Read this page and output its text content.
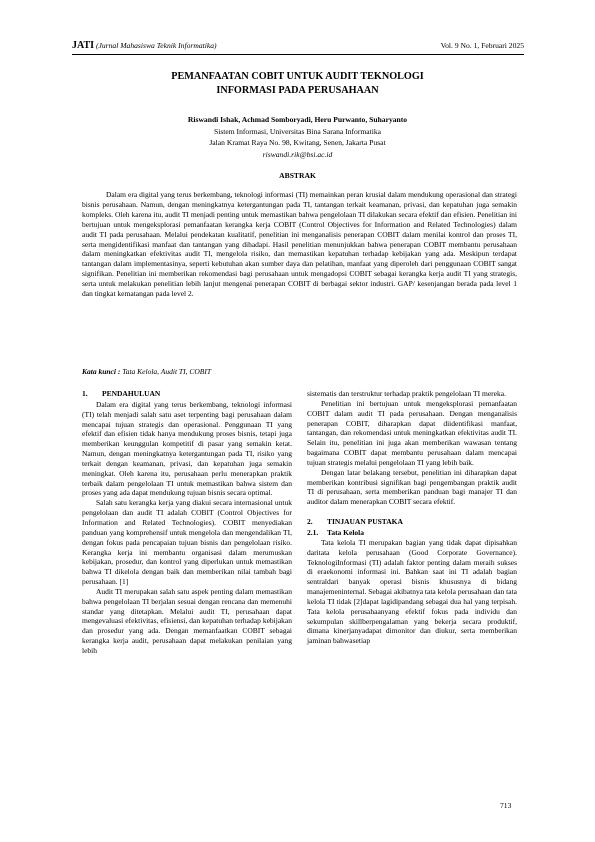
JATI (Jurnal Mahasiswa Teknik Informatika)	Vol. 9 No. 1, Februari 2025
PEMANFAATAN COBIT UNTUK AUDIT TEKNOLOGI
INFORMASI PADA PERUSAHAAN
Riswandi Ishak, Achmad Somboryadi, Heru Purwanto, Suharyanto
Sistem Informasi, Universitas Bina Sarana Informatika
Jalan Kramat Raya No. 98, Kwitang, Senen, Jakarta Pusat
riswandi.rik@bsi.ac.id
ABSTRAK

Dalam era digital yang terus berkembang, teknologi informasi (TI) memainkan peran krusial dalam mendukung operasional dan strategi bisnis perusahaan. Namun, dengan meningkatnya ketergantungan pada TI, tantangan terkait keamanan, privasi, dan kepatuhan juga semakin kompleks. Oleh karena itu, audit TI menjadi penting untuk memastikan bahwa pengelolaan TI dilakukan secara efektif dan efisien. Penelitian ini bertujuan untuk mengeksplorasi pemanfaatan kerangka kerja COBIT (Control Objectives for Information and Related Technologies) dalam audit TI pada perusahaan. Melalui pendekatan kualitatif, penelitian ini menganalisis penerapan COBIT dalam menilai kontrol dan proses TI, serta mengidentifikasi manfaat dan tantangan yang dihadapi. Hasil penelitian menunjukkan bahwa penerapan COBIT membantu perusahaan dalam meningkatkan efektivitas audit TI, mengelola risiko, dan memastikan kepatuhan terhadap kebijakan yang ada. Meskipun terdapat tantangan dalam implementasinya, seperti kebutuhan akan sumber daya dan pelatihan, manfaat yang diperoleh dari penggunaan COBIT sangat signifikan. Penelitian ini memberikan rekomendasi bagi perusahaan untuk mengadopsi COBIT sebagai kerangka kerja audit TI yang strategis, serta untuk melakukan penelitian lebih lanjut mengenai penerapan COBIT di berbagai sektor industri. GAP/ kesenjangan berada pada level 1 dan tingkat kematangan pada level 2.

Kata kunci : Tata Kelola, Audit TI, COBIT
1.	PENDAHULUAN

Dalam era digital yang terus berkembang, teknologi informasi (TI) telah menjadi salah satu aset terpenting bagi perusahaan dalam mencapai tujuan strategis dan operasional. Penggunaan TI yang efektif dan efisien tidak hanya mendukung proses bisnis, tetapi juga memberikan keunggulan kompetitif di pasar yang semakin ketat. Namun, dengan meningkatnya ketergantungan pada TI, risiko yang terkait dengan keamanan, privasi, dan kepatuhan juga semakin meningkat. Oleh karena itu, perusahaan perlu menerapkan praktik terbaik dalam pengelolaan TI untuk memastikan bahwa sistem dan proses yang ada dapat mendukung tujuan bisnis secara optimal.

Salah satu kerangka kerja yang diakui secara internasional untuk pengelolaan dan audit TI adalah COBIT (Control Objectives for Information and Related Technologies). COBIT menyediakan panduan yang komprehensif untuk mengelola dan mengendalikan TI, dengan fokus pada pencapaian tujuan bisnis dan pengelolaan risiko. Kerangka kerja ini membantu organisasi dalam merumuskan kebijakan, prosedur, dan kontrol yang diperlukan untuk memastikan bahwa TI dikelola dengan baik dan memberikan nilai tambah bagi perusahaan. [1]

Audit TI merupakan salah satu aspek penting dalam memastikan bahwa pengelolaan TI berjalan sesuai dengan rencana dan memenuhi standar yang ditetapkan. Melalui audit TI, perusahaan dapat mengevaluasi efektivitas, efisiensi, dan kepatuhan terhadap kebijakan dan prosedur yang ada. Dengan memanfaatkan COBIT sebagai kerangka kerja audit, perusahaan dapat melakukan penilaian yang lebih

sistematis dan terstruktur terhadap praktik pengelolaan TI mereka.

Penelitian ini bertujuan untuk mengeksplorasi pemanfaatan COBIT dalam audit TI pada perusahaan. Dengan menganalisis penerapan COBIT, diharapkan dapat diidentifikasi manfaat, tantangan, dan rekomendasi untuk meningkatkan efektivitas audit TI. Selain itu, penelitian ini juga akan memberikan wawasan tentang bagaimana COBIT dapat membantu perusahaan dalam mencapai tujuan strategis melalui pengelolaan TI yang lebih baik.

Dengan latar belakang tersebut, penelitian ini diharapkan dapat memberikan kontribusi signifikan bagi pengembangan praktik audit TI di perusahaan, serta memberikan panduan bagi manajer TI dan auditor dalam menerapkan COBIT secara efektif.

2.	TINJAUAN PUSTAKA
2.1.	Tata Kelola

Tata kelola TI merupakan bagian yang tidak dapat dipisahkan daritata kelola perusahaan (Good Corporate Governance). TeknologiInformasi (TI) adalah faktor penting dalam meraih sukses di eraekonomi informasi ini. Bahkan saat ini TI adalah bagian sentraldari banyak operasi bisnis khususnya di bidang manajemeninternal. Sebagai akibatnya tata kelola perusahaan dan tata kelola TI tidak [2]dapat lagidipandang sebagai dua hal yang terpisah. Tata kelola perusahaanyang efektif fokus pada individu dan sekumpulan skillberpengalaman yang bekerja secara produktif, dimana kinerjanyadapat dimonitor dan diukur, serta memberikan jaminan bahwasetiap

713
